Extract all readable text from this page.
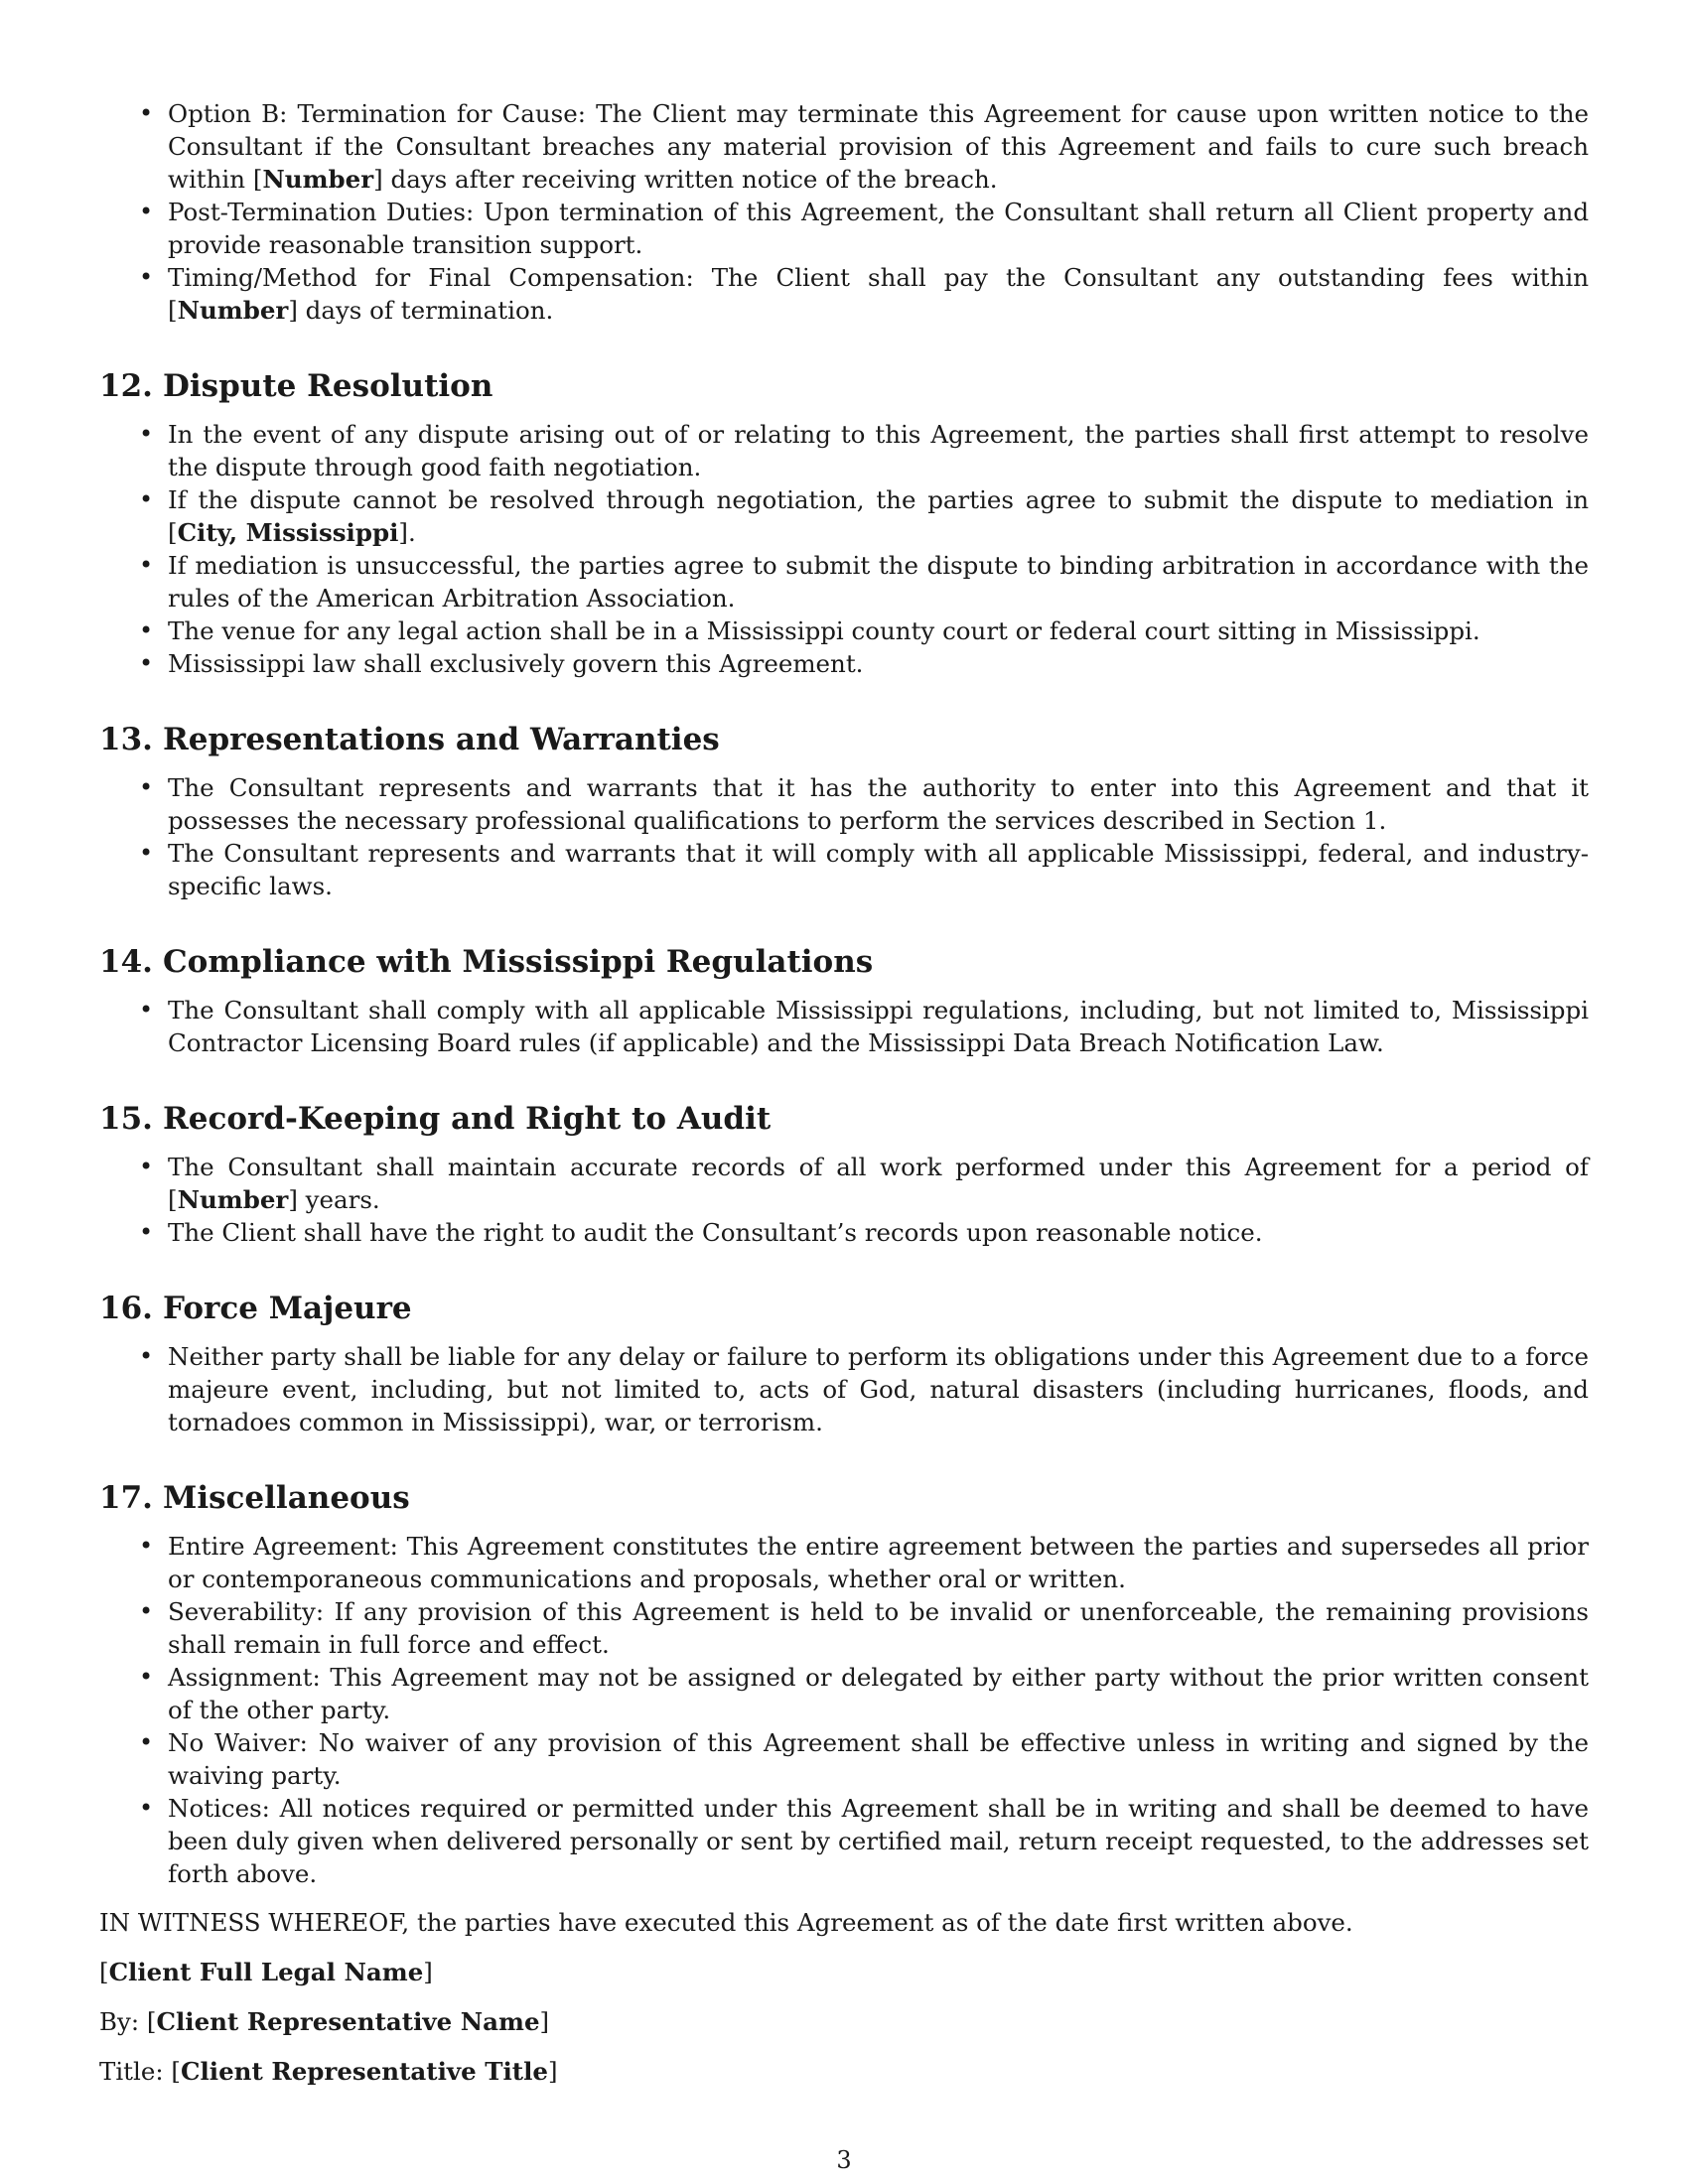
• Option B: Termination for Cause: The Client may terminate this Agreement for cause upon written notice to the Consultant if the Consultant breaches any material provision of this Agreement and fails to cure such breach within [Number] days after receiving written notice of the breach.
• Post-Termination Duties: Upon termination of this Agreement, the Consultant shall return all Client property and provide reasonable transition support.
• Timing/Method for Final Compensation: The Client shall pay the Consultant any outstanding fees within [Number] days of termination.
12. Dispute Resolution
• In the event of any dispute arising out of or relating to this Agreement, the parties shall first attempt to resolve the dispute through good faith negotiation.
• If the dispute cannot be resolved through negotiation, the parties agree to submit the dispute to mediation in [City, Mississippi].
• If mediation is unsuccessful, the parties agree to submit the dispute to binding arbitration in accordance with the rules of the American Arbitration Association.
• The venue for any legal action shall be in a Mississippi county court or federal court sitting in Mississippi.
• Mississippi law shall exclusively govern this Agreement.
13. Representations and Warranties
• The Consultant represents and warrants that it has the authority to enter into this Agreement and that it possesses the necessary professional qualifications to perform the services described in Section 1.
• The Consultant represents and warrants that it will comply with all applicable Mississippi, federal, and industry-specific laws.
14. Compliance with Mississippi Regulations
• The Consultant shall comply with all applicable Mississippi regulations, including, but not limited to, Mississippi Contractor Licensing Board rules (if applicable) and the Mississippi Data Breach Notification Law.
15. Record-Keeping and Right to Audit
• The Consultant shall maintain accurate records of all work performed under this Agreement for a period of [Number] years.
• The Client shall have the right to audit the Consultant’s records upon reasonable notice.
16. Force Majeure
• Neither party shall be liable for any delay or failure to perform its obligations under this Agreement due to a force majeure event, including, but not limited to, acts of God, natural disasters (including hurricanes, floods, and tornadoes common in Mississippi), war, or terrorism.
17. Miscellaneous
• Entire Agreement: This Agreement constitutes the entire agreement between the parties and supersedes all prior or contemporaneous communications and proposals, whether oral or written.
• Severability: If any provision of this Agreement is held to be invalid or unenforceable, the remaining provisions shall remain in full force and effect.
• Assignment: This Agreement may not be assigned or delegated by either party without the prior written consent of the other party.
• No Waiver: No waiver of any provision of this Agreement shall be effective unless in writing and signed by the waiving party.
• Notices: All notices required or permitted under this Agreement shall be in writing and shall be deemed to have been duly given when delivered personally or sent by certified mail, return receipt requested, to the addresses set forth above.

IN WITNESS WHEREOF, the parties have executed this Agreement as of the date first written above.

[Client Full Legal Name]

By: [Client Representative Name]

Title: [Client Representative Title]

3
